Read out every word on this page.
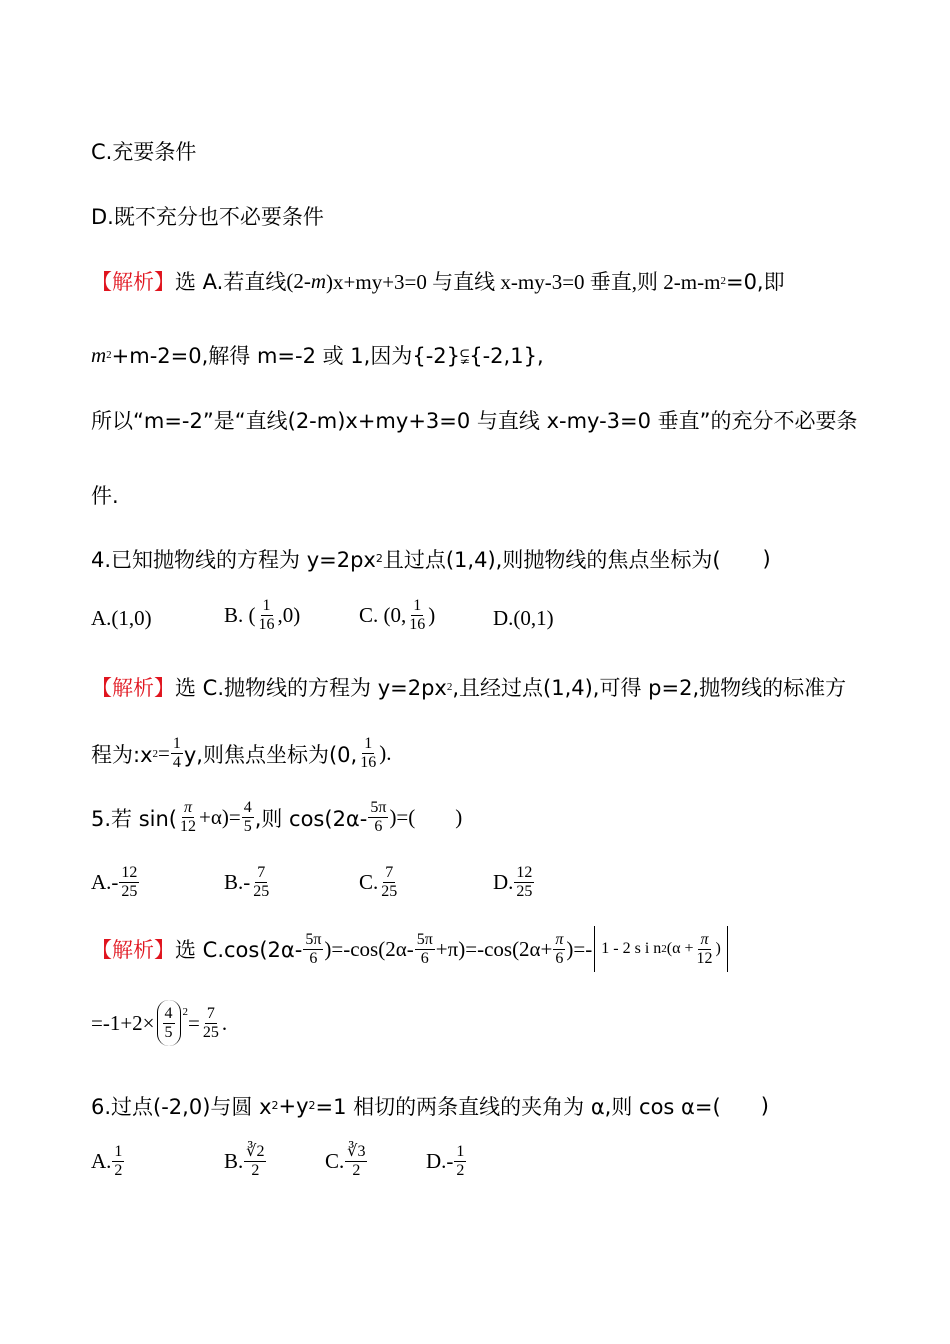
C.充要条件
D.既不充分也不必要条件
【解析】 选 A.若直线 (2- m )x+my+3=0 与直线 x-my-3=0 垂直,则 2-m-m 2 =0,即
m 2 +m-2=0,解得 m=-2 或 1,因为{-2}⫋{-2,1},
所以“m=-2”是“直线(2-m)x+my+3=0 与直线 x-my-3=0 垂直”的充分不必要条
件.
4.已知抛物线的方程为 y=2px 2 且过点(1,4),则抛物线的焦点坐标为( )
A.(1,0)	B. ( $\frac{1}{16} ,0$)	C. (0, $\frac{1}{16}$ )	D.(0,1)
【解析】 选 C.抛物线的方程为 y=2px 2 ,且经过点(1,4),可得 p=2,抛物线的标准方
程为:x $2 = \frac{1}{4} y$,则焦点坐标为(0, $\frac{1}{16}$ ).
5.若 $\sin( \frac{\pi}{12} +\alpha)= \frac{4}{5}$ ,则 $\cos(2\alpha- \frac{5\pi}{6}$ )=( )
$A.- \frac{12}{25}$	$B.- \frac{7}{25}$	C. $\frac{7}{25}$	D. $\frac{12}{25}$
【解析】 选 $C.\cos(2\alpha- \frac{5\pi}{6} )=-\cos(2\alpha- \frac{5\pi}{6} +\pi)=-\cos(2\alpha+ \frac{\pi}{6}$ )=- 1 - 2 s i n 2 ($\alpha + \frac{\pi}{12}$ )
$=-1+2\times \frac{4}{5} 2 = \frac{7}{25}$ .
6.过点(-2,0)与圆 x 2 +y 2 =1 相切的两条直线的夹角为 α,则 cos α=( )
A. $\frac{1}{2}$	B. $\frac{∛2}{2}$	C. $\frac{∛3}{2}$	$D.- \frac{1}{2}$
